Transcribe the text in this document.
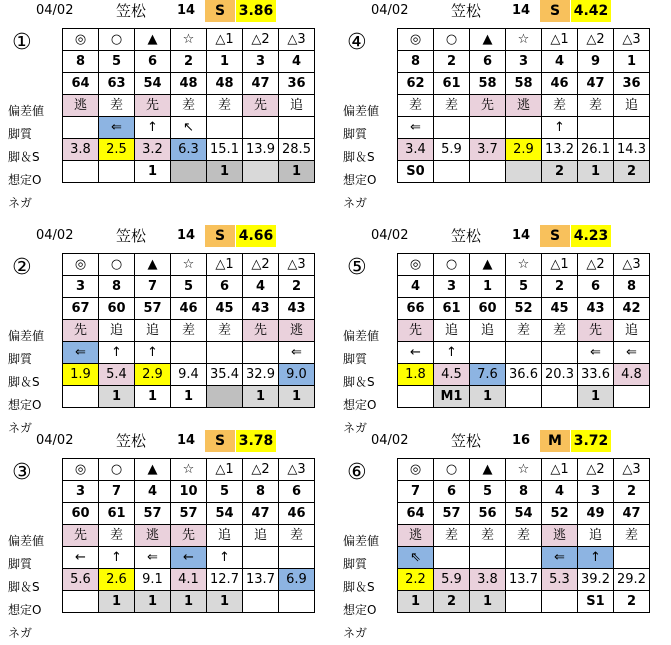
04/02	笠松 14	S 3.86
①
偏差値
脚質
脚＆S
想定O
ネガ
◎	○	▲	☆	△1	△2	△3
8	5	6	2	1	3	4
64	63	54	48	48	47	36
逃	差	先	差	差	先	追
	⇐	↑	↖			
3.8	2.5	3.2	6.3	15.1	13.9	28.5
		1		1		1
04/02	笠松 14	S 4.42
④
偏差値
脚質
脚＆S
想定O
ネガ
◎	○	▲	☆	△1	△2	△3
8	2	6	3	4	9	1
62	61	58	58	46	47	36
差	差	先	逃	差	差	追
⇐				↑		
3.4	5.9	3.7	2.9	13.2	26.1	14.3
S0				2	1	2
04/02	笠松 14	S 4.66
②
偏差値
脚質
脚＆S
想定O
ネガ
◎	○	▲	☆	△1	△2	△3
3	8	7	5	6	4	2
67	60	57	46	45	43	43
先	追	追	差	差	先	逃
⇐	↑	↑				⇐
1.9	5.4	2.9	9.4	35.4	32.9	9.0
	1	1	1		1	1
04/02	笠松 14	S 4.23
⑤
偏差値
脚質
脚＆S
想定O
ネガ
◎	○	▲	☆	△1	△2	△3
4	3	1	5	2	6	8
66	61	60	52	45	43	42
先	追	追	差	差	先	追
←	↑				⇐	⇐
1.8	4.5	7.6	36.6	20.3	33.6	4.8
	M1	1			1	
04/02	笠松 14	S 3.78
③
偏差値
脚質
脚＆S
想定O
ネガ
◎	○	▲	☆	△1	△2	△3
3	7	4	10	5	8	6
60	61	57	57	54	47	46
先	差	逃	先	追	追	差
←	↑	⇐	←	↑		
5.6	2.6	9.1	4.1	12.7	13.7	6.9
	1	1	1	1		
04/02	笠松 16	M 3.72
⑥
偏差値
脚質
脚＆S
想定O
ネガ
◎	○	▲	☆	△1	△2	△3
7	6	5	8	4	3	2
64	57	56	54	52	49	47
逃	差	差	差	逃	追	差
⇖				⇐	↑	
2.2	5.9	3.8	13.7	5.3	39.2	29.2
1	2	1			S1	2
